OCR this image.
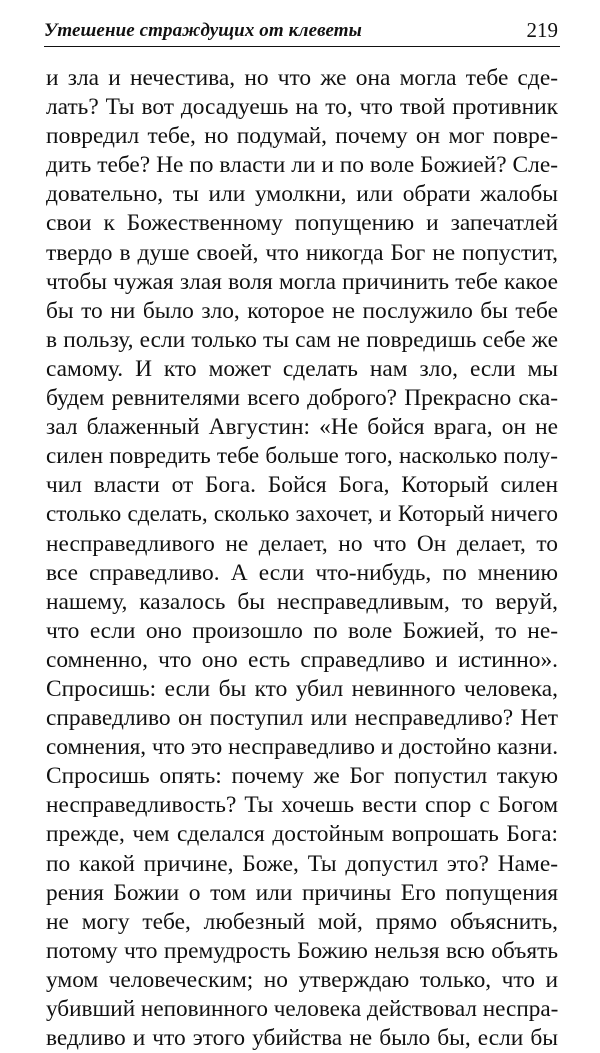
Утешение страждущих от клеветы	219
и зла и нечестива, но что же она могла тебе сде-
лать? Ты вот досадуешь на то, что твой противник
повредил тебе, но подумай, почему он мог повре-
дить тебе? Не по власти ли и по воле Божией? Сле-
довательно, ты или умолкни, или обрати жалобы
свои к Божественному попущению и запечатлей
твердо в душе своей, что никогда Бог не попустит,
чтобы чужая злая воля могла причинить тебе какое
бы то ни было зло, которое не послужило бы тебе
в пользу, если только ты сам не повредишь себе же
самому. И кто может сделать нам зло, если мы
будем ревнителями всего доброго? Прекрасно ска-
зал блаженный Августин: «Не бойся врага, он не
силен повредить тебе больше того, насколько полу-
чил власти от Бога. Бойся Бога, Который силен
столько сделать, сколько захочет, и Который ничего
несправедливого не делает, но что Он делает, то
все справедливо. А если что-нибудь, по мнению
нашему, казалось бы несправедливым, то веруй,
что если оно произошло по воле Божией, то не-
сомненно, что оно есть справедливо и истинно».
Спросишь: если бы кто убил невинного человека,
справедливо он поступил или несправедливо? Нет
сомнения, что это несправедливо и достойно казни.
Спросишь опять: почему же Бог попустил такую
несправедливость? Ты хочешь вести спор с Богом
прежде, чем сделался достойным вопрошать Бога:
по какой причине, Боже, Ты допустил это? Наме-
рения Божии о том или причины Его попущения
не могу тебе, любезный мой, прямо объяснить,
потому что премудрость Божию нельзя всю объять
умом человеческим; но утверждаю только, что и
убивший неповинного человека действовал неспра-
ведливо и что этого убийства не было бы, если бы
